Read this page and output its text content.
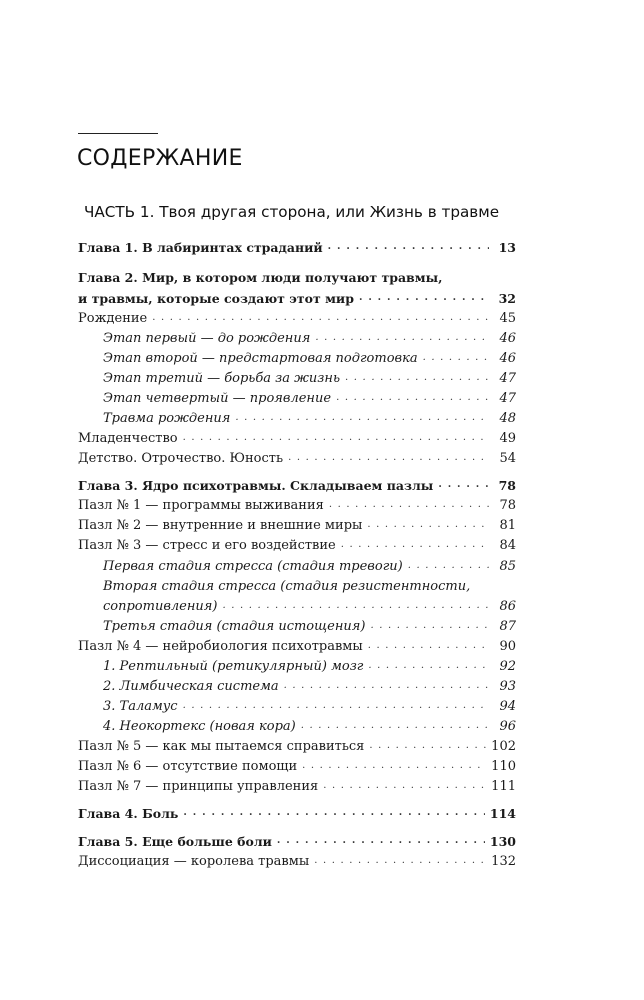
СОДЕРЖАНИЕ
ЧАСТЬ 1. Твоя другая сторона, или Жизнь в травме
Глава 1. В лабиринтах страданий . . .	13
Глава 2. Мир, в котором люди получают травмы,
и травмы, которые создают этот мир . . .	32
Рождение . . .	45
Этап первый — до рождения . . .	46
Этап второй — предстартовая подготовка . . .	46
Этап третий — борьба за жизнь . . .	47
Этап четвертый — проявление . . .	47
Травма рождения . . .	48
Младенчество . . .	49
Детство. Отрочество. Юность . . .	54
Глава 3. Ядро психотравмы. Складываем пазлы . . .	78
Пазл № 1 — программы выживания . . .	78
Пазл № 2 — внутренние и внешние миры . . .	81
Пазл № 3 — стресс и его воздействие . . .	84
Первая стадия стресса (стадия тревоги) . . .	85
Вторая стадия стресса (стадия резистентности,
сопротивления) . . .	86
Третья стадия (стадия истощения) . . .	87
Пазл № 4 — нейробиология психотравмы . . .	90
1. Рептильный (ретикулярный) мозг . . .	92
2. Лимбическая система . . .	93
3. Таламус . . .	94
4. Неокортекс (новая кора) . . .	96
Пазл № 5 — как мы пытаемся справиться . . .	102
Пазл № 6 — отсутствие помощи . . .	110
Пазл № 7 — принципы управления . . .	111
Глава 4. Боль . . .	114
Глава 5. Еще больше боли . . .	130
Диссоциация — королева травмы . . .	132
